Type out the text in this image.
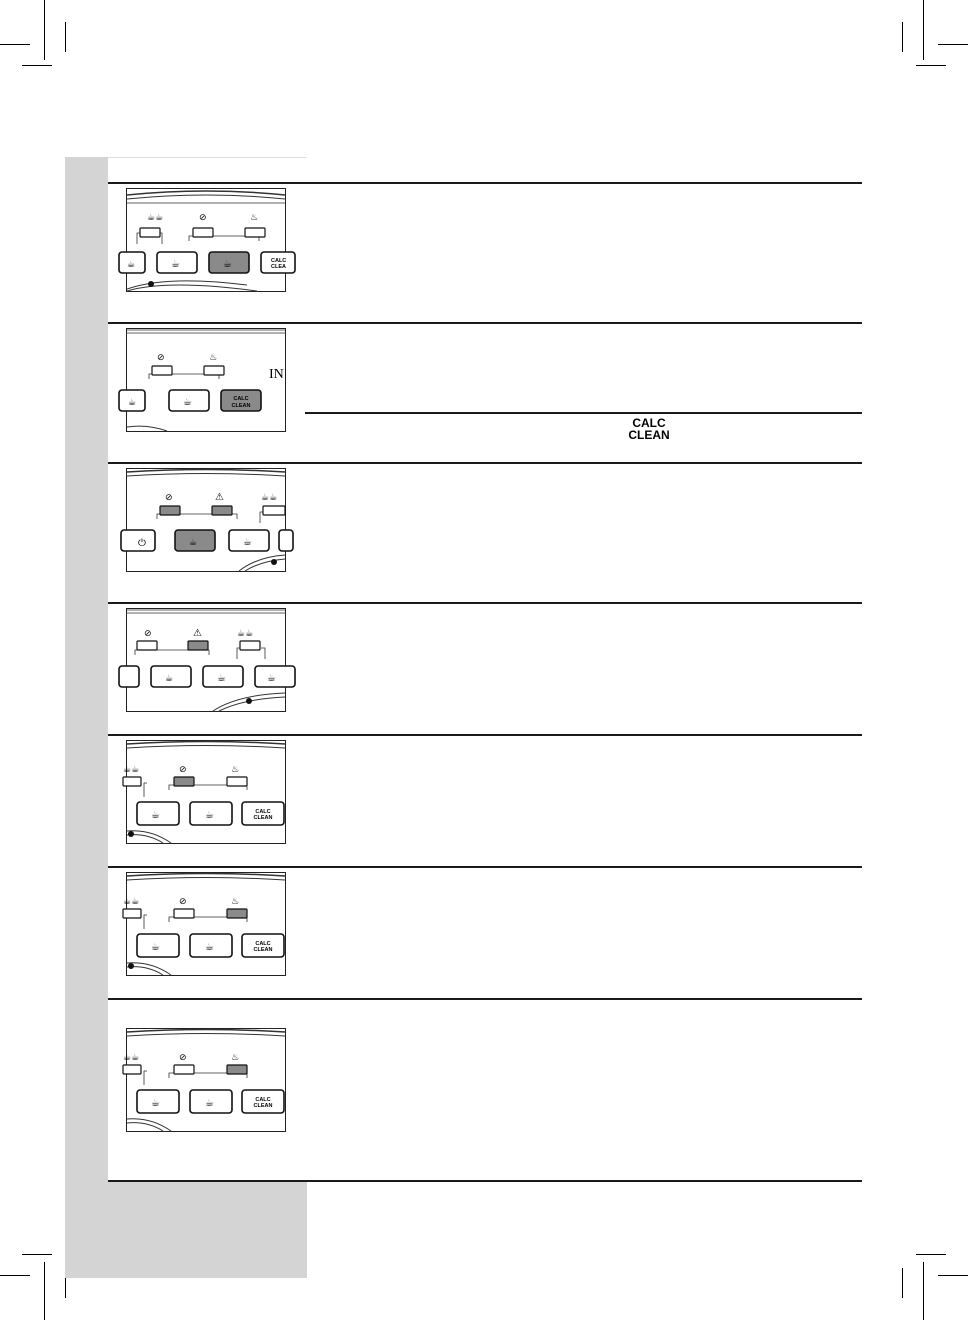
CALC
CLEAN
☕☕	⊘	♨
☕	☕	☕	CALC
CLEA
⊘	♨
IN
☕	☕	CALC
CLEAN
⊘	⚠	☕☕
⏻	☕	☕
⊘	⚠	☕☕
☕	☕	☕
☕☕	⊘	♨
☕	☕	CALC
CLEAN
☕☕	⊘	♨
☕	☕	CALC
CLEAN
☕☕	⊘	♨
☕	☕	CALC
CLEAN
